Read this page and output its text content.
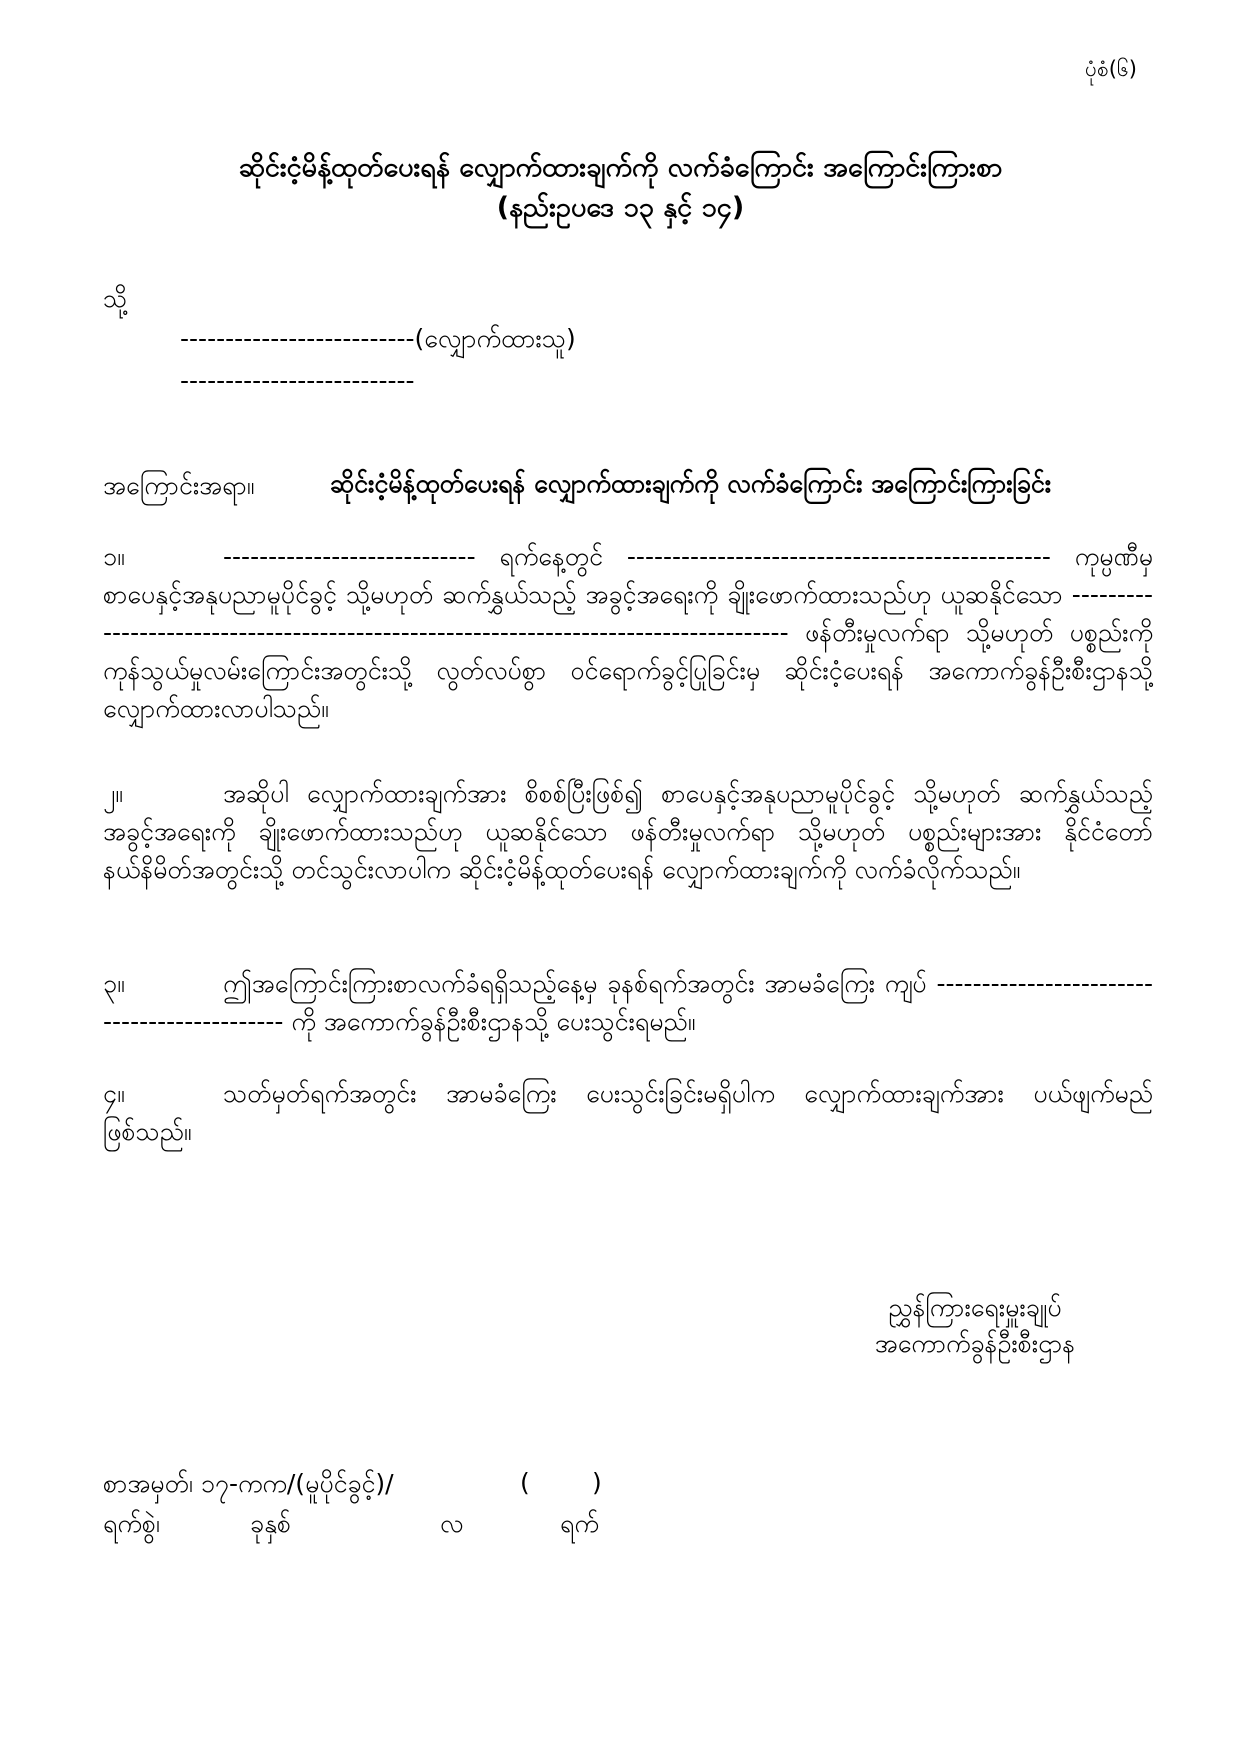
ပုံစံ(၆)
ဆိုင်းငံ့မိန့်ထုတ်ပေးရန် လျှောက်ထားချက်ကို လက်ခံကြောင်း အကြောင်းကြားစာ
(နည်းဥပဒေ ၁၃ နှင့် ၁၄)
သို့
--------------------------(လျှောက်ထားသူ)
--------------------------
အကြောင်းအရာ။	ဆိုင်းငံ့မိန့်ထုတ်ပေးရန် လျှောက်ထားချက်ကို လက်ခံကြောင်း အကြောင်းကြားခြင်း
၁။	---------------------------- ရက်နေ့တွင် ----------------------------------------------- ကုမ္ပဏီမှ စာပေနှင့်အနုပညာမူပိုင်ခွင့် သို့မဟုတ် ဆက်နွှယ်သည့် အခွင့်အရေးကို ချိုးဖောက်ထားသည်ဟု ယူဆနိုင်သော ------------------------------------------------------------------------------------- ဖန်တီးမှုလက်ရာ သို့မဟုတ် ပစ္စည်းကို ကုန်သွယ်မှုလမ်းကြောင်းအတွင်းသို့ လွတ်လပ်စွာ ဝင်ရောက်ခွင့်ပြုခြင်းမှ ဆိုင်းငံ့ပေးရန် အကောက်ခွန်ဦးစီးဌာနသို့ လျှောက်ထားလာပါသည်။
၂။	အဆိုပါ လျှောက်ထားချက်အား စိစစ်ပြီးဖြစ်၍ စာပေနှင့်အနုပညာမူပိုင်ခွင့် သို့မဟုတ် ဆက်နွှယ်သည့် အခွင့်အရေးကို ချိုးဖောက်ထားသည်ဟု ယူဆနိုင်သော ဖန်တီးမှုလက်ရာ သို့မဟုတ် ပစ္စည်းများအား နိုင်ငံတော် နယ်နိမိတ်အတွင်းသို့ တင်သွင်းလာပါက ဆိုင်းငံ့မိန့်ထုတ်ပေးရန် လျှောက်ထားချက်ကို လက်ခံလိုက်သည်။
၃။	ဤအကြောင်းကြားစာလက်ခံရရှိသည့်နေ့မှ ခုနစ်ရက်အတွင်း အာမခံကြေး ကျပ် -------------------------------------------- ကို အကောက်ခွန်ဦးစီးဌာနသို့ ပေးသွင်းရမည်။
၄။	သတ်မှတ်ရက်အတွင်း အာမခံကြေး ပေးသွင်းခြင်းမရှိပါက လျှောက်ထားချက်အား ပယ်ဖျက်မည် ဖြစ်သည်။
ညွှန်ကြားရေးမှူးချုပ်
အကောက်ခွန်ဦးစီးဌာန
စာအမှတ်၊ ၁၇-ကက/(မူပိုင်ခွင့်)/	( )
ရက်စွဲ၊	ခုနှစ်	လ	ရက်
